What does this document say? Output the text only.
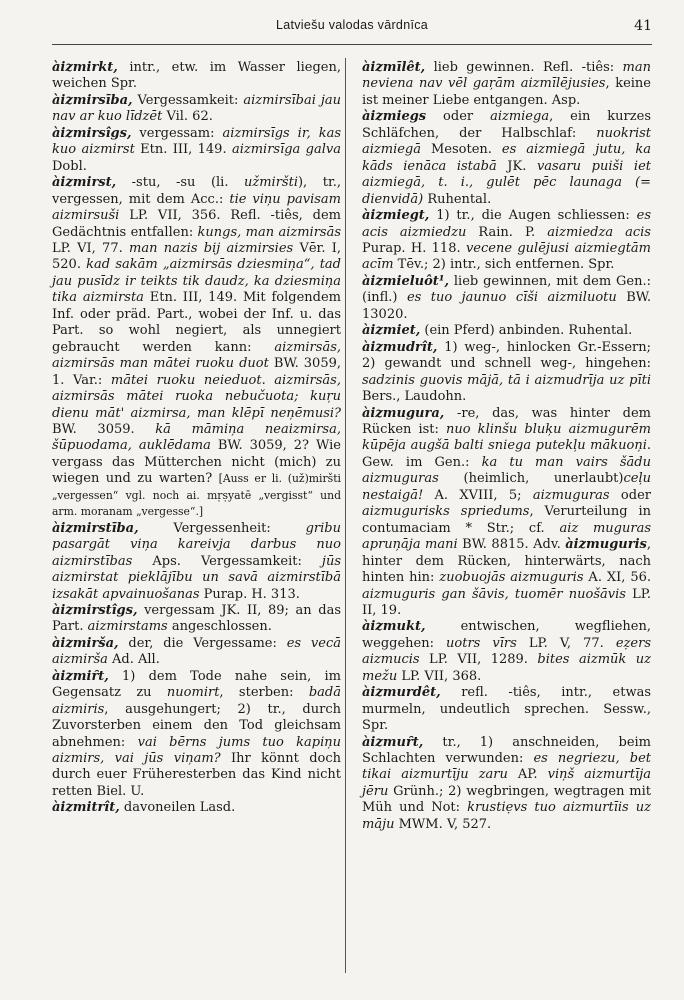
Latviešu valodas vārdnīca	41

àizmirkt, intr., etw. im Wasser liegen, weichen Spr.

àizmirsība, Vergessamkeit: aizmirsībai jau nav ar kuo līdzēt Vil. 62.

àizmirsîgs, vergessam: aizmirsīgs ir, kas kuo aizmirst Etn. III, 149. aizmirsīga galva Dobl.

àizmirst, -stu, -su (li. užmiršti), tr., vergessen, mit dem Acc.: tie viņu pavisam aizmirsuši LP. VII, 356. Refl. -tiês, dem Gedächtnis entfallen: kungs, man aizmirsās LP. VI, 77. man nazis bij aizmirsies Vēr. I, 520. kad sakām „aizmirsās dziesmiņa“, tad jau pusīdz ir teikts tik daudz, ka dziesmiņa tika aizmirsta Etn. III, 149. Mit folgendem Inf. oder präd. Part., wobei der Inf. u. das Part. so wohl negiert, als unnegiert gebraucht werden kann: aizmirsās, aizmirsās man mātei ruoku duot BW. 3059, 1. Var.: mātei ruoku neieduot. aizmirsās, aizmirsās mātei ruoka nebučuota; kuŗu dienu māt' aizmirsa, man klēpī neņēmusi? BW. 3059. kā māmiņa neaizmirsa, šūpuodama, auklēdama BW. 3059, 2? Wie vergass das Mütterchen nicht (mich) zu wiegen und zu warten? [Auss er li. (už)miršti „vergessen“ vgl. noch ai. mṛṣyatē „vergisst“ und arm. moranam „vergesse“.]

àizmirstība, Vergessenheit: gribu pasargāt viņa kareivja darbus nuo aizmirstības Aps. Vergessamkeit: jūs aizmirstat pieklājību un savā aizmirstībā izsakāt apvainuošanas Purap. H. 313.

àizmirstîgs, vergessam JK. II, 89; an das Part. aizmirstams angeschlossen.

àizmirša, der, die Vergessame: es vecā aizmirša Ad. All.

àizmiȓt, 1) dem Tode nahe sein, im Gegensatz zu nuomirt, sterben: badā aizmiris, ausgehungert; 2) tr., durch Zuvorsterben einem den Tod gleichsam abnehmen: vai bērns jums tuo kapiņu aizmirs, vai jūs viņam? Ihr könnt doch durch euer Früheresterben das Kind nicht retten Biel. U.

àizmitrît, davoneilen Lasd.

àizmīlêt, lieb gewinnen. Refl. -tiês: man neviena nav vēl gaŗām aizmīlējusies, keine ist meiner Liebe entgangen. Asp.

àizmiegs oder aizmiega, ein kurzes Schläfchen, der Halbschlaf: nuokrist aizmiegā Mesoten. es aizmiegā jutu, ka kāds ienāca istabā JK. vasaru puiši iet aizmiegā, t. i., gulēt pēc launaga (= dienvidā) Ruhental.

àizmiegt, 1) tr., die Augen schliessen: es acis aizmiedzu Rain. P. aizmiedza acis Purap. H. 118. vecene gulējusi aizmiegtām acīm Tēv.; 2) intr., sich entfernen. Spr.

àizmieluôt¹, lieb gewinnen, mit dem Gen.: (infl.) es tuo jaunuo cīši aizmiluotu BW. 13020.

àizmiet, (ein Pferd) anbinden. Ruhental.

àizmudrît, 1) weg-, hinlocken Gr.-Essern; 2) gewandt und schnell weg-, hingehen: sadzinis guovis mājā, tā i aizmudrīja uz pīti Bers., Laudohn.

àizmugura, -re, das, was hinter dem Rücken ist: nuo klinšu bluķu aizmugurēm kūpēja augšā balti sniega putekļu mākuoņi. Gew. im Gen.: ka tu man vairs šādu aizmuguras (heimlich, unerlaubt)ceļu nestaigā! A. XVIII, 5; aizmuguras oder aizmugurisks spriedums, Verurteilung in contumaciam * Str.; cf. aiz muguras apruņāja mani BW. 8815. Adv. àizmuguris, hinter dem Rücken, hinterwärts, nach hinten hin: zuobuojās aizmuguris A. XI, 56. aizmuguris gan šāvis, tuomēr nuošāvis LP. II, 19.

àizmukt, entwischen, wegfliehen, weggehen: uotrs vīrs LP. V, 77. eẓers aizmucis LP. VII, 1289. bites aizmūk uz mežu LP. VII, 368.

àizmurdêt, refl. -tiês, intr., etwas murmeln, undeutlich sprechen. Sessw., Spr.

àizmuȓt, tr., 1) anschneiden, beim Schlachten verwunden: es negriezu, bet tikai aizmurtīju zaru AP. viņš aizmurtīja jēru Grünh.; 2) wegbringen, wegtragen mit Müh und Not: krustiẹvs tuo aizmurtīis uz māju MWM. V, 527.
